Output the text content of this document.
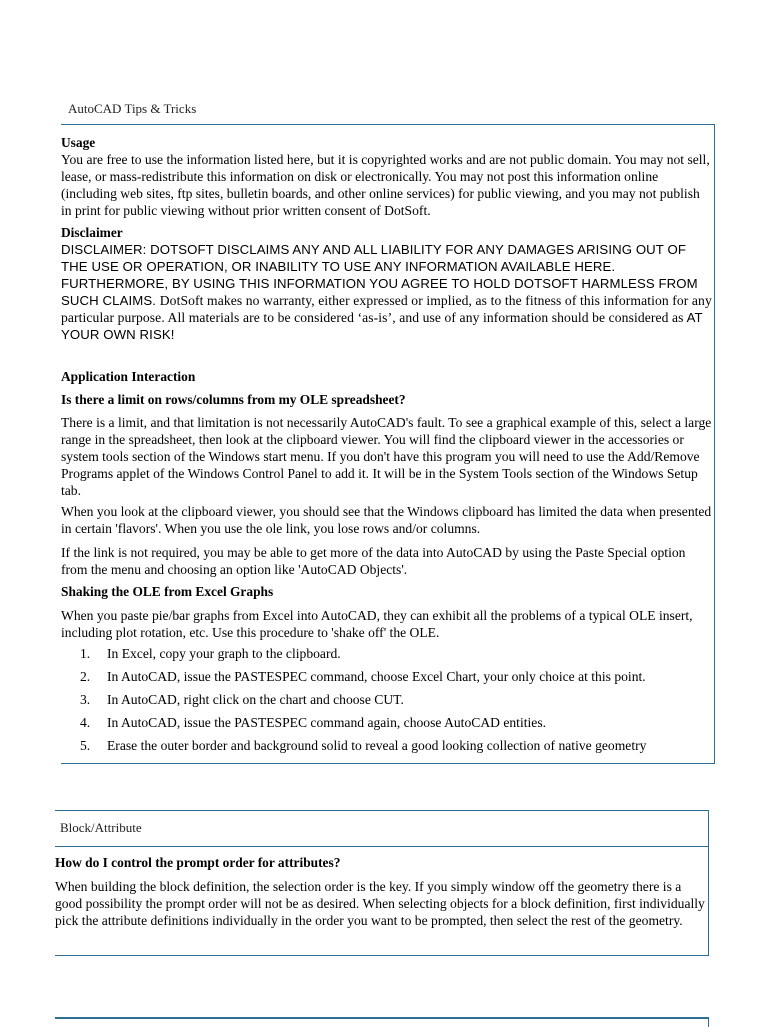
AutoCAD Tips & Tricks
Usage

You are free to use the information listed here, but it is copyrighted works and are not public domain. You may not sell, lease, or mass-redistribute this information on disk or electronically. You may not post this information online (including web sites, ftp sites, bulletin boards, and other online services) for public viewing, and you may not publish in print for public viewing without prior written consent of DotSoft.

Disclaimer
DISCLAIMER: DOTSOFT DISCLAIMS ANY AND ALL LIABILITY FOR ANY DAMAGES ARISING OUT OF THE USE OR OPERATION, OR INABILITY TO USE ANY INFORMATION AVAILABLE HERE. FURTHERMORE, BY USING THIS INFORMATION YOU AGREE TO HOLD DOTSOFT HARMLESS FROM SUCH CLAIMS. DotSoft makes no warranty, either expressed or implied, as to the fitness of this information for any particular purpose. All materials are to be considered ‘as-is’, and use of any information should be considered as AT YOUR OWN RISK!
Application Interaction
Is there a limit on rows/columns from my OLE spreadsheet?

There is a limit, and that limitation is not necessarily AutoCAD's fault. To see a graphical example of this, select a large range in the spreadsheet, then look at the clipboard viewer. You will find the clipboard viewer in the accessories or system tools section of the Windows start menu. If you don't have this program you will need to use the Add/Remove Programs applet of the Windows Control Panel to add it. It will be in the System Tools section of the Windows Setup tab.

When you look at the clipboard viewer, you should see that the Windows clipboard has limited the data when presented in certain 'flavors'. When you use the ole link, you lose rows and/or columns.

If the link is not required, you may be able to get more of the data into AutoCAD by using the Paste Special option from the menu and choosing an option like 'AutoCAD Objects'.

Shaking the OLE from Excel Graphs

When you paste pie/bar graphs from Excel into AutoCAD, they can exhibit all the problems of a typical OLE insert, including plot rotation, etc. Use this procedure to 'shake off' the OLE.

1. In Excel, copy your graph to the clipboard.
2. In AutoCAD, issue the PASTESPEC command, choose Excel Chart, your only choice at this point.
3. In AutoCAD, right click on the chart and choose CUT.
4. In AutoCAD, issue the PASTESPEC command again, choose AutoCAD entities.
5. Erase the outer border and background solid to reveal a good looking collection of native geometry
Block/Attribute
How do I control the prompt order for attributes?

When building the block definition, the selection order is the key. If you simply window off the geometry there is a good possibility the prompt order will not be as desired. When selecting objects for a block definition, first individually pick the attribute definitions individually in the order you want to be prompted, then select the rest of the geometry.
